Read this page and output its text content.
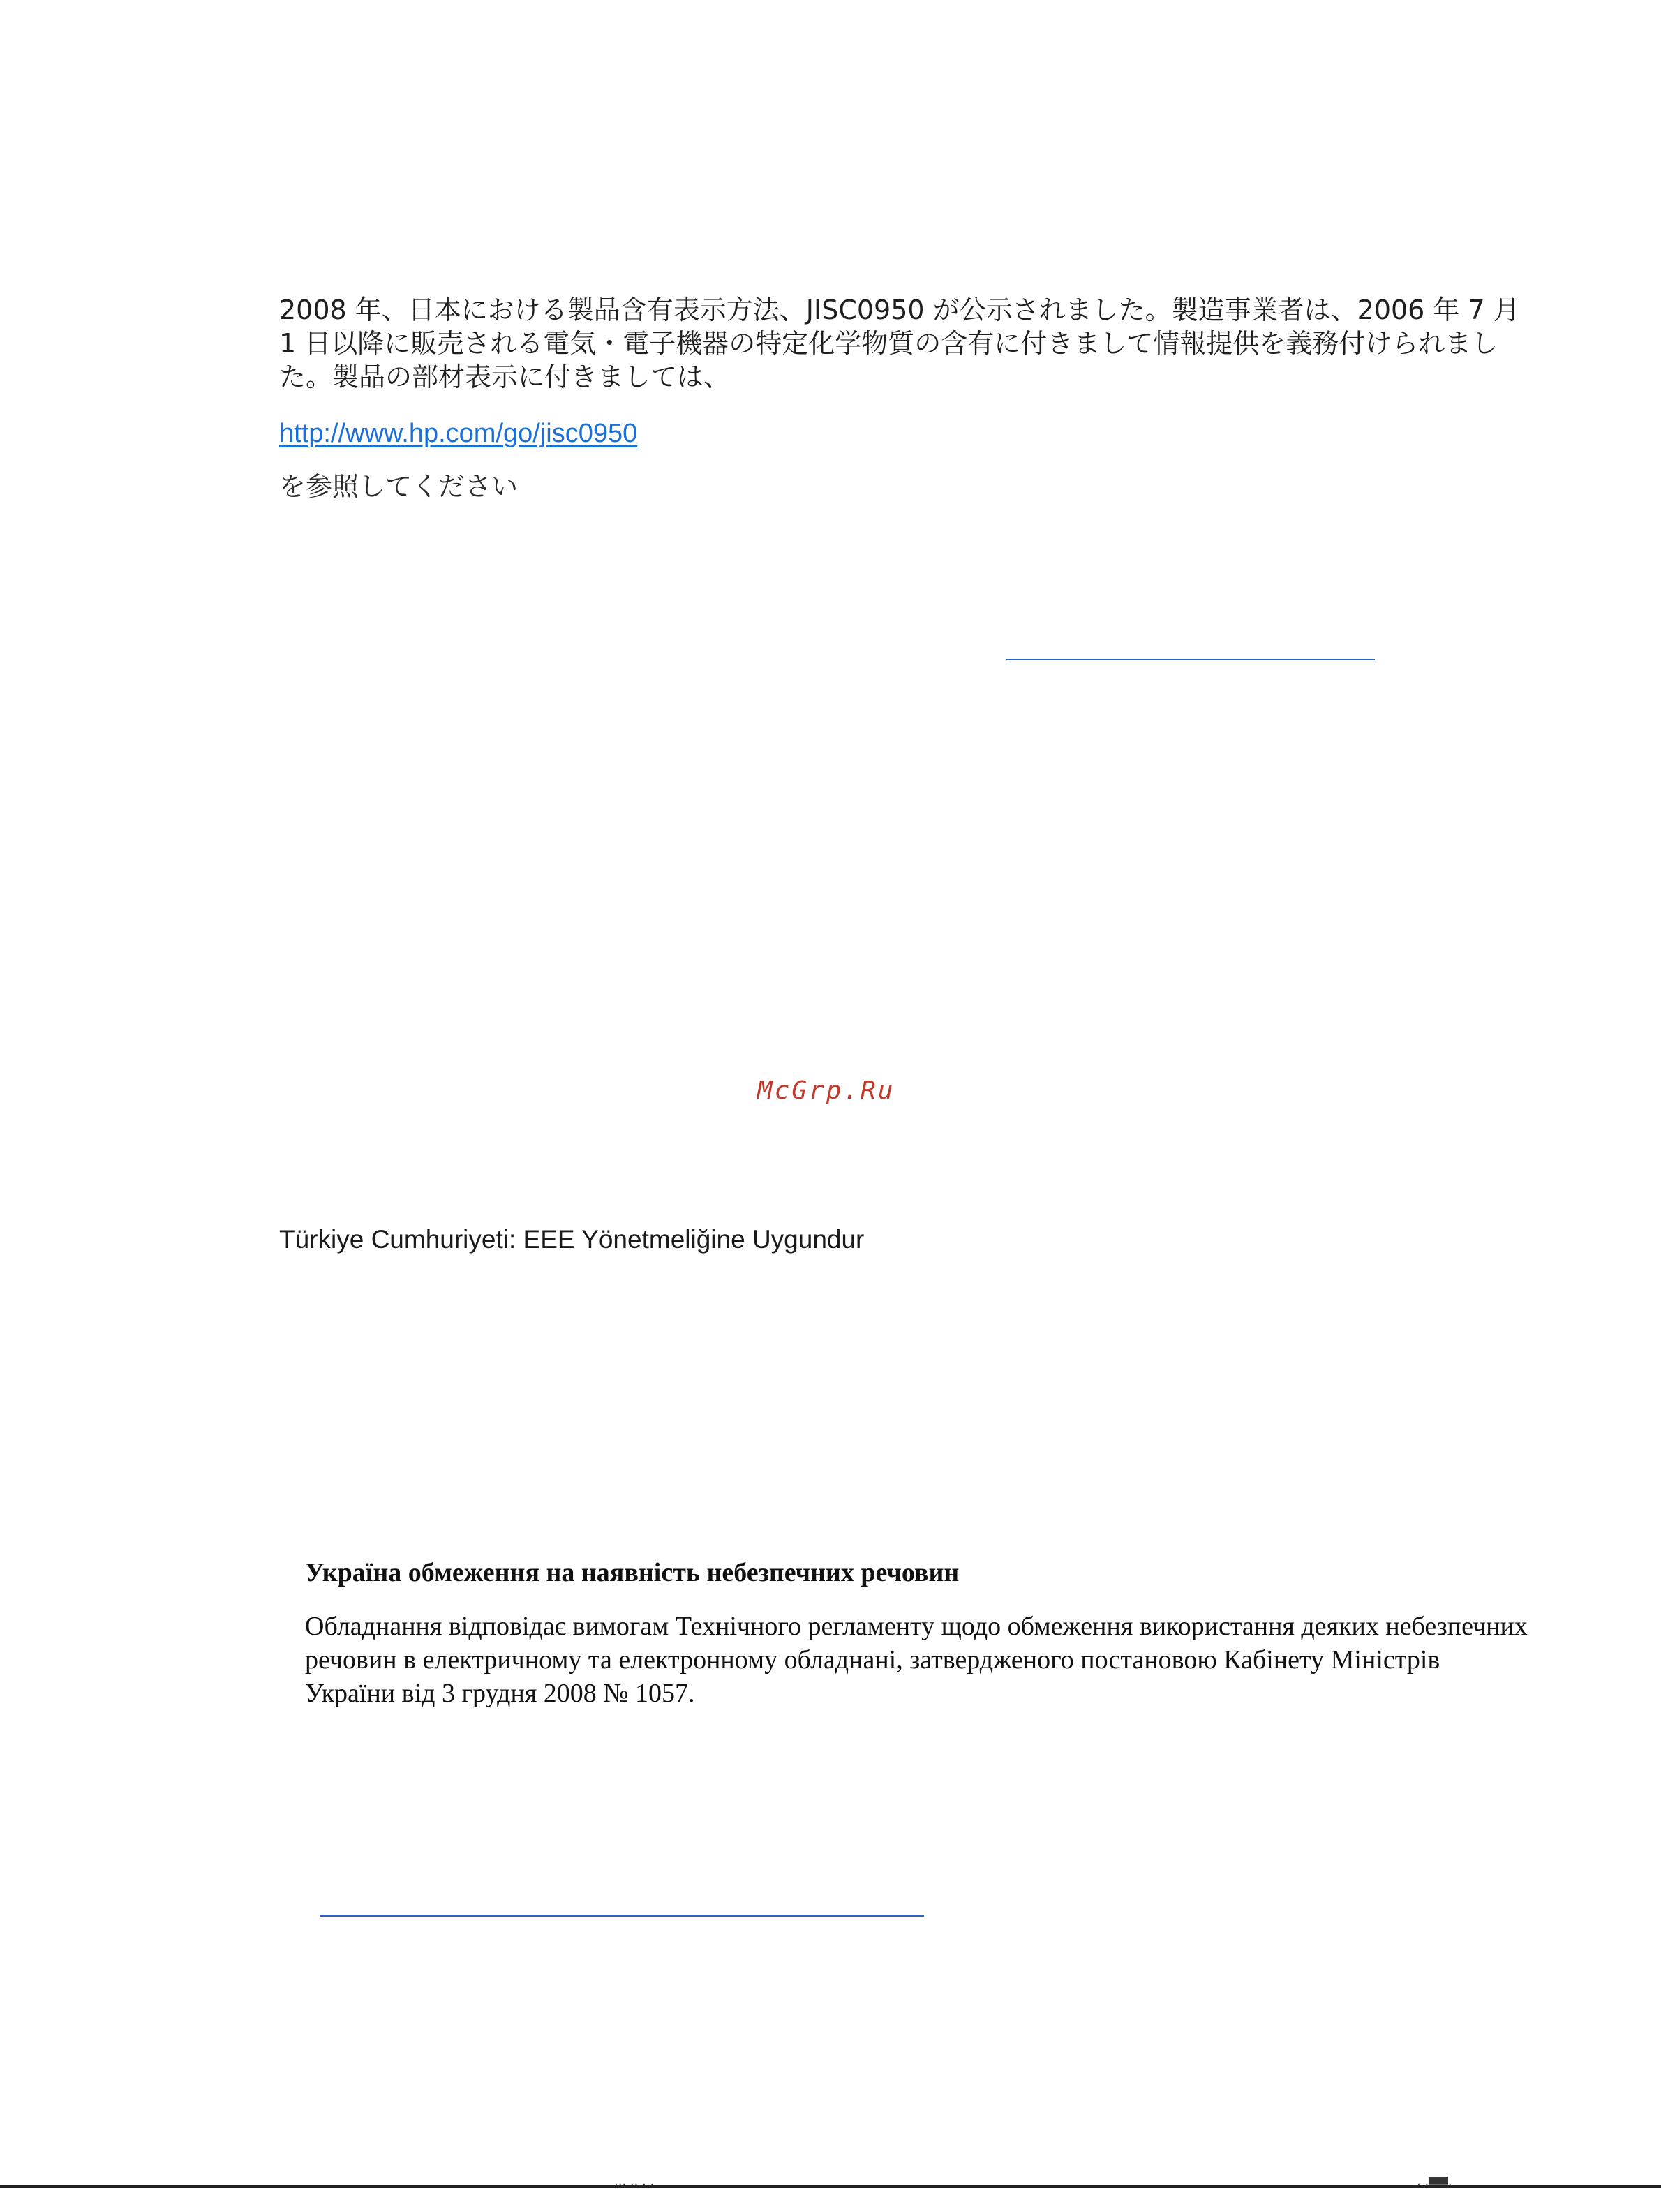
2008 年、日本における製品含有表示方法、JISC0950 が公示されました。製造事業者は、2006 年 7 月 1 日以降に販売される電気・電子機器の特定化学物質の含有に付きまして情報提供を義務付けられました。製品の部材表示に付きましては、

http://www.hp.com/go/jisc0950

を参照してください

McGrp.Ru

Türkiye Cumhuriyeti: EEE Yönetmeliğine Uygundur

Україна обмеження на наявність небезпечних речовин

Обладнання відповідає вимогам Технічного регламенту щодо обмеження використання деяких небезпечних речовин в електричному та електронному обладнані, затвердженого постановою Кабінету Міністрів України від 3 грудня 2008 № 1057.

··· ·· · ·	· ·▀▀·
